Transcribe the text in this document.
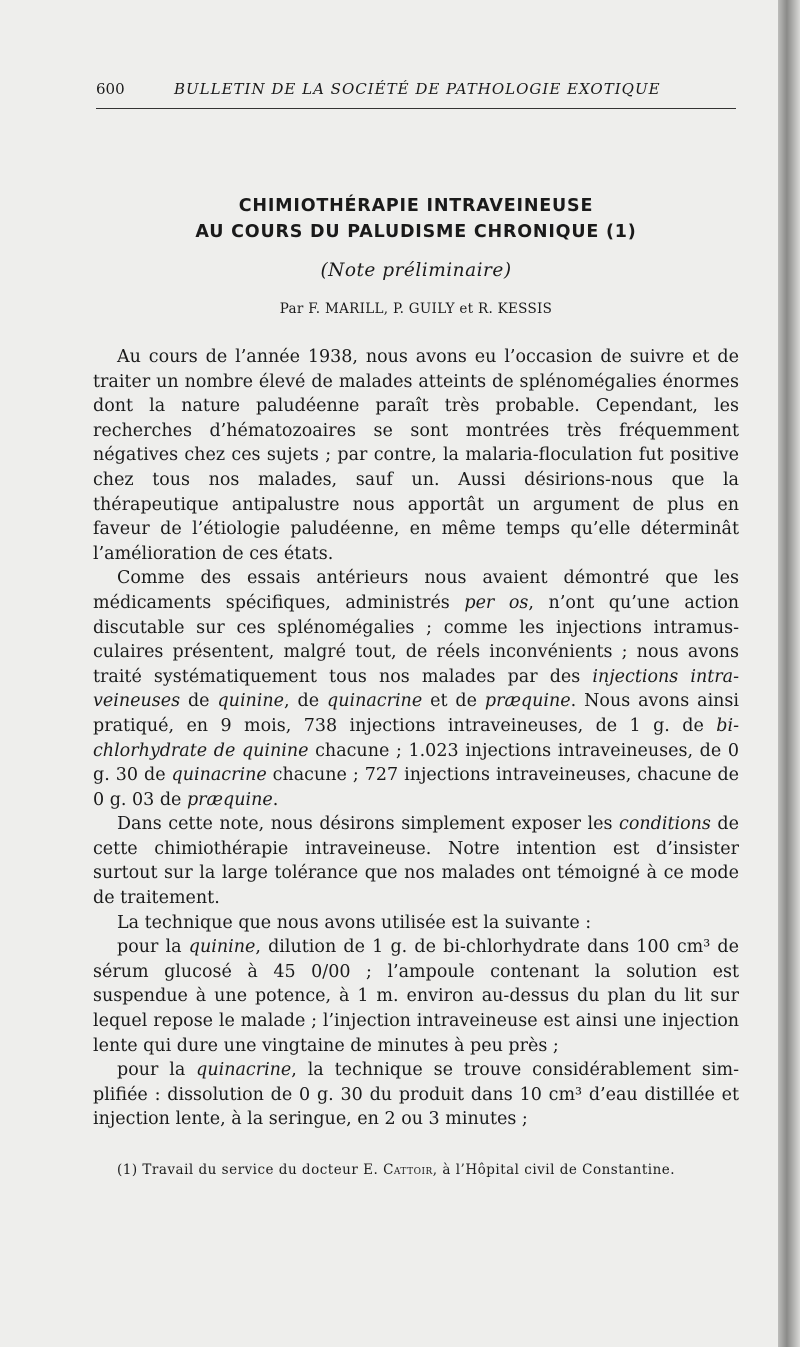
600	BULLETIN DE LA SOCIÉTÉ DE PATHOLOGIE EXOTIQUE
CHIMIOTHÉRAPIE INTRAVEINEUSE
AU COURS DU PALUDISME CHRONIQUE (1)
(Note préliminaire)
Par F. MARILL, P. GUILY et R. KESSIS

Au cours de l’année 1938, nous avons eu l’occasion de suivre et de traiter un nombre élevé de malades atteints de splénomégalies énormes dont la nature paludéenne paraît très probable. Cependant, les recherches d’hématozoaires se sont montrées très fréquemment négatives chez ces sujets ; par contre, la malaria-floculation fut positive chez tous nos malades, sauf un. Aussi désirions-nous que la thérapeutique antipalustre nous apportât un argument de plus en faveur de l’étiologie paludéenne, en même temps qu’elle déterminât l’amélioration de ces états.

Comme des essais antérieurs nous avaient démontré que les médicaments spécifiques, administrés per os, n’ont qu’une action discutable sur ces splénomégalies ; comme les injections intramusculaires présentent, malgré tout, de réels inconvénients ; nous avons traité systématiquement tous nos malades par des injections intraveineuses de quinine, de quinacrine et de præquine. Nous avons ainsi pratiqué, en 9 mois, 738 injections intraveineuses, de 1 g. de bi-chlorhydrate de quinine chacune ; 1.023 injections intraveineuses, de 0 g. 30 de quinacrine chacune ; 727 injections intraveineuses, chacune de 0 g. 03 de præquine.

Dans cette note, nous désirons simplement exposer les conditions de cette chimiothérapie intraveineuse. Notre intention est d’insister surtout sur la large tolérance que nos malades ont témoigné à ce mode de traitement.

La technique que nous avons utilisée est la suivante :

pour la quinine, dilution de 1 g. de bi-chlorhydrate dans 100 cm³ de sérum glucosé à 45 0/00 ; l’ampoule contenant la solution est suspendue à une potence, à 1 m. environ au-dessus du plan du lit sur lequel repose le malade ; l’injection intraveineuse est ainsi une injection lente qui dure une vingtaine de minutes à peu près ;

pour la quinacrine, la technique se trouve considérablement simplifiée : dissolution de 0 g. 30 du produit dans 10 cm³ d’eau distillée et injection lente, à la seringue, en 2 ou 3 minutes ;

(1) Travail du service du docteur E. Cattoir, à l’Hôpital civil de Constantine.
